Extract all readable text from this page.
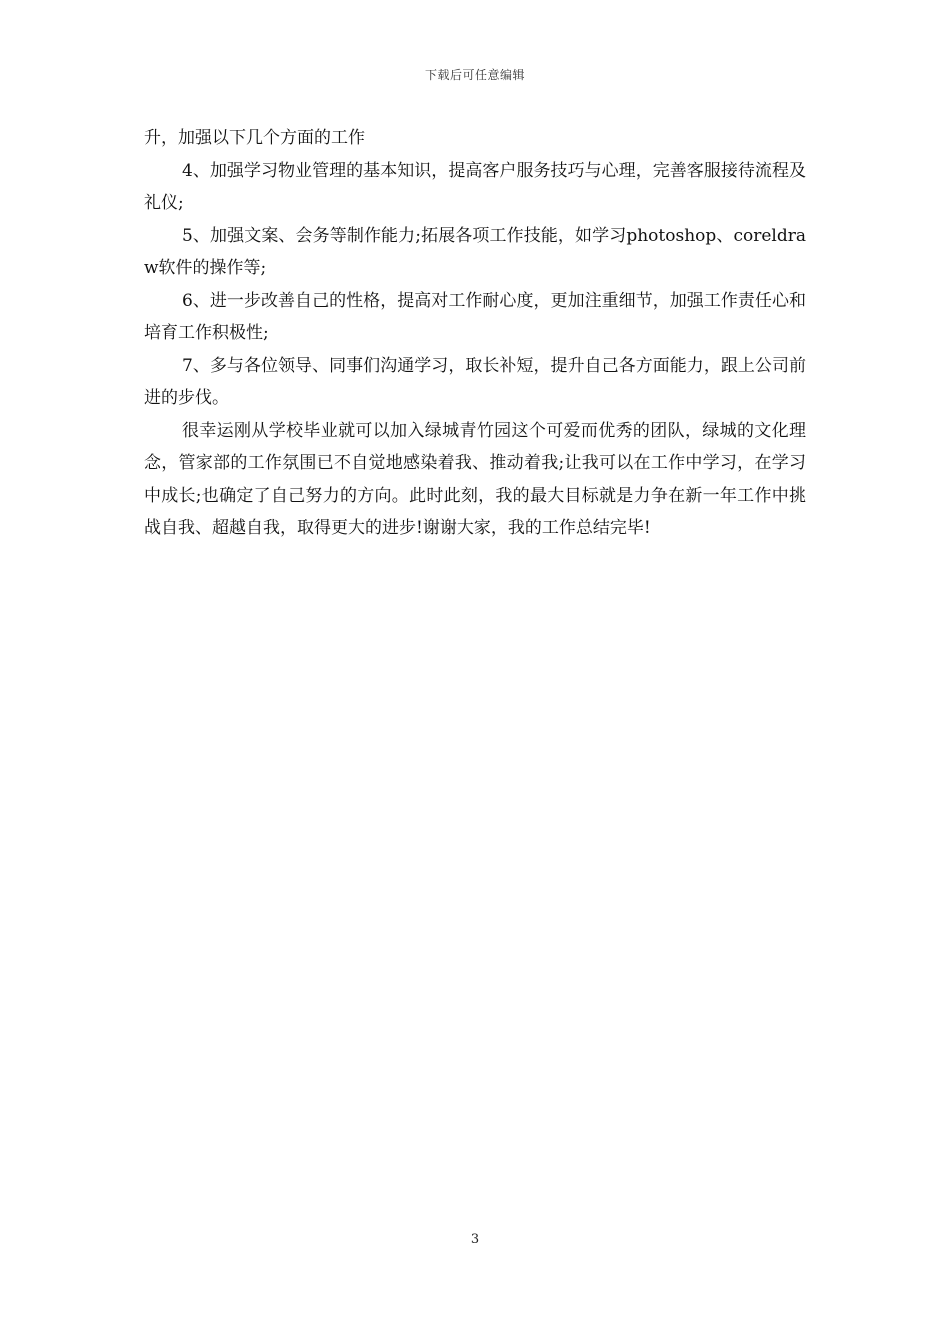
下载后可任意编辑

升，加强以下几个方面的工作

4、加强学习物业管理的基本知识，提高客户服务技巧与心理，完善客服接待流程及礼仪;

5、加强文案、会务等制作能力;拓展各项工作技能，如学习photoshop、coreldraw软件的操作等;

6、进一步改善自己的性格，提高对工作耐心度，更加注重细节，加强工作责任心和培育工作积极性;

7、多与各位领导、同事们沟通学习，取长补短，提升自己各方面能力，跟上公司前进的步伐。

很幸运刚从学校毕业就可以加入绿城青竹园这个可爱而优秀的团队，绿城的文化理念，管家部的工作氛围已不自觉地感染着我、推动着我;让我可以在工作中学习，在学习中成长;也确定了自己努力的方向。此时此刻，我的最大目标就是力争在新一年工作中挑战自我、超越自我，取得更大的进步!谢谢大家，我的工作总结完毕!

3
